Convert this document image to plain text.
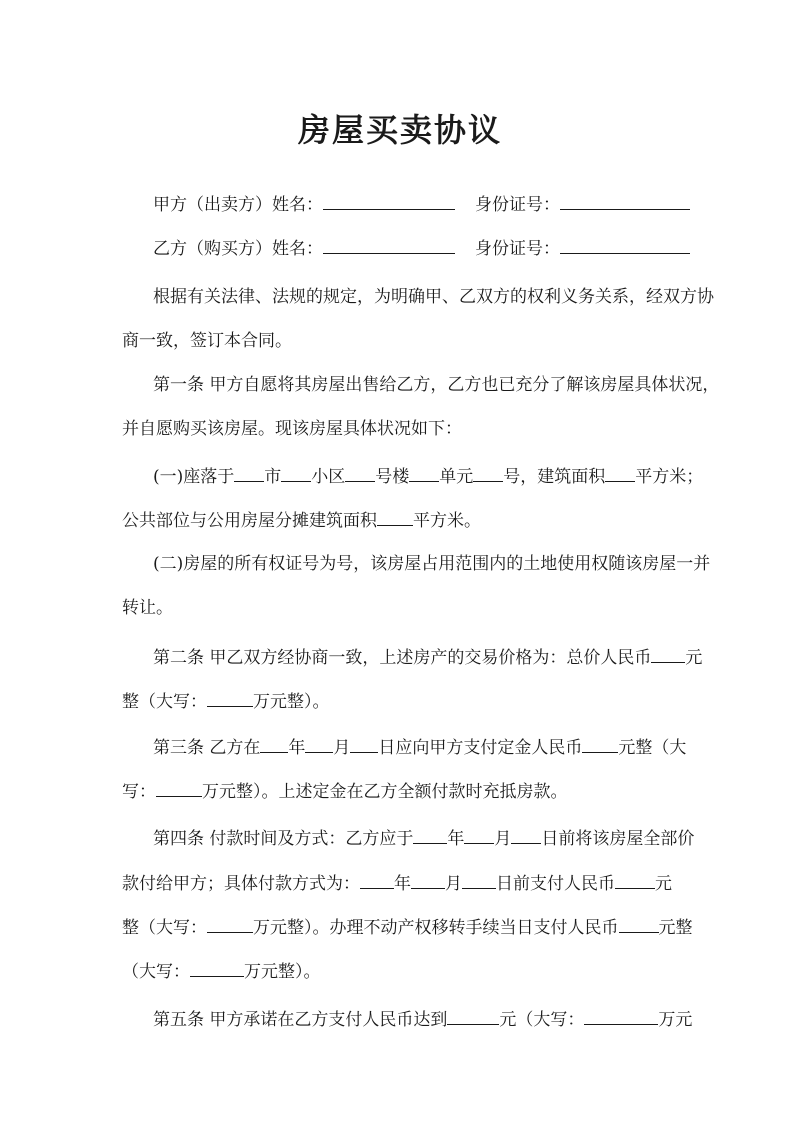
房屋买卖协议
甲方（出卖方）姓名：	身份证号：
乙方（购买方）姓名：	身份证号：
根据有关法律、法规的规定，为明确甲、乙双方的权利义务关系，经双方协
商一致，签订本合同。
第一条 甲方自愿将其房屋出售给乙方，乙方也已充分了解该房屋具体状况，
并自愿购买该房屋。现该房屋具体状况如下：
(一)座落于 市 小区 号楼 单元 号，建筑面积 平方米；
公共部位与公用房屋分摊建筑面积 平方米。
(二)房屋的所有权证号为号，该房屋占用范围内的土地使用权随该房屋一并
转让。
第二条 甲乙双方经协商一致，上述房产的交易价格为：总价人民币 元
整（大写：	万元整）。
第三条 乙方在 年 月 日应向甲方支付定金人民币 元整（大
写：	万元整）。上述定金在乙方全额付款时充抵房款。
第四条 付款时间及方式：乙方应于 年 月 日前将该房屋全部价
款付给甲方；具体付款方式为： 年 月 日前支付人民币 元
整（大写：	万元整）。办理不动产权移转手续当日支付人民币 元整
（大写：	万元整）。
第五条 甲方承诺在乙方支付人民币达到	元（大写：	万元
